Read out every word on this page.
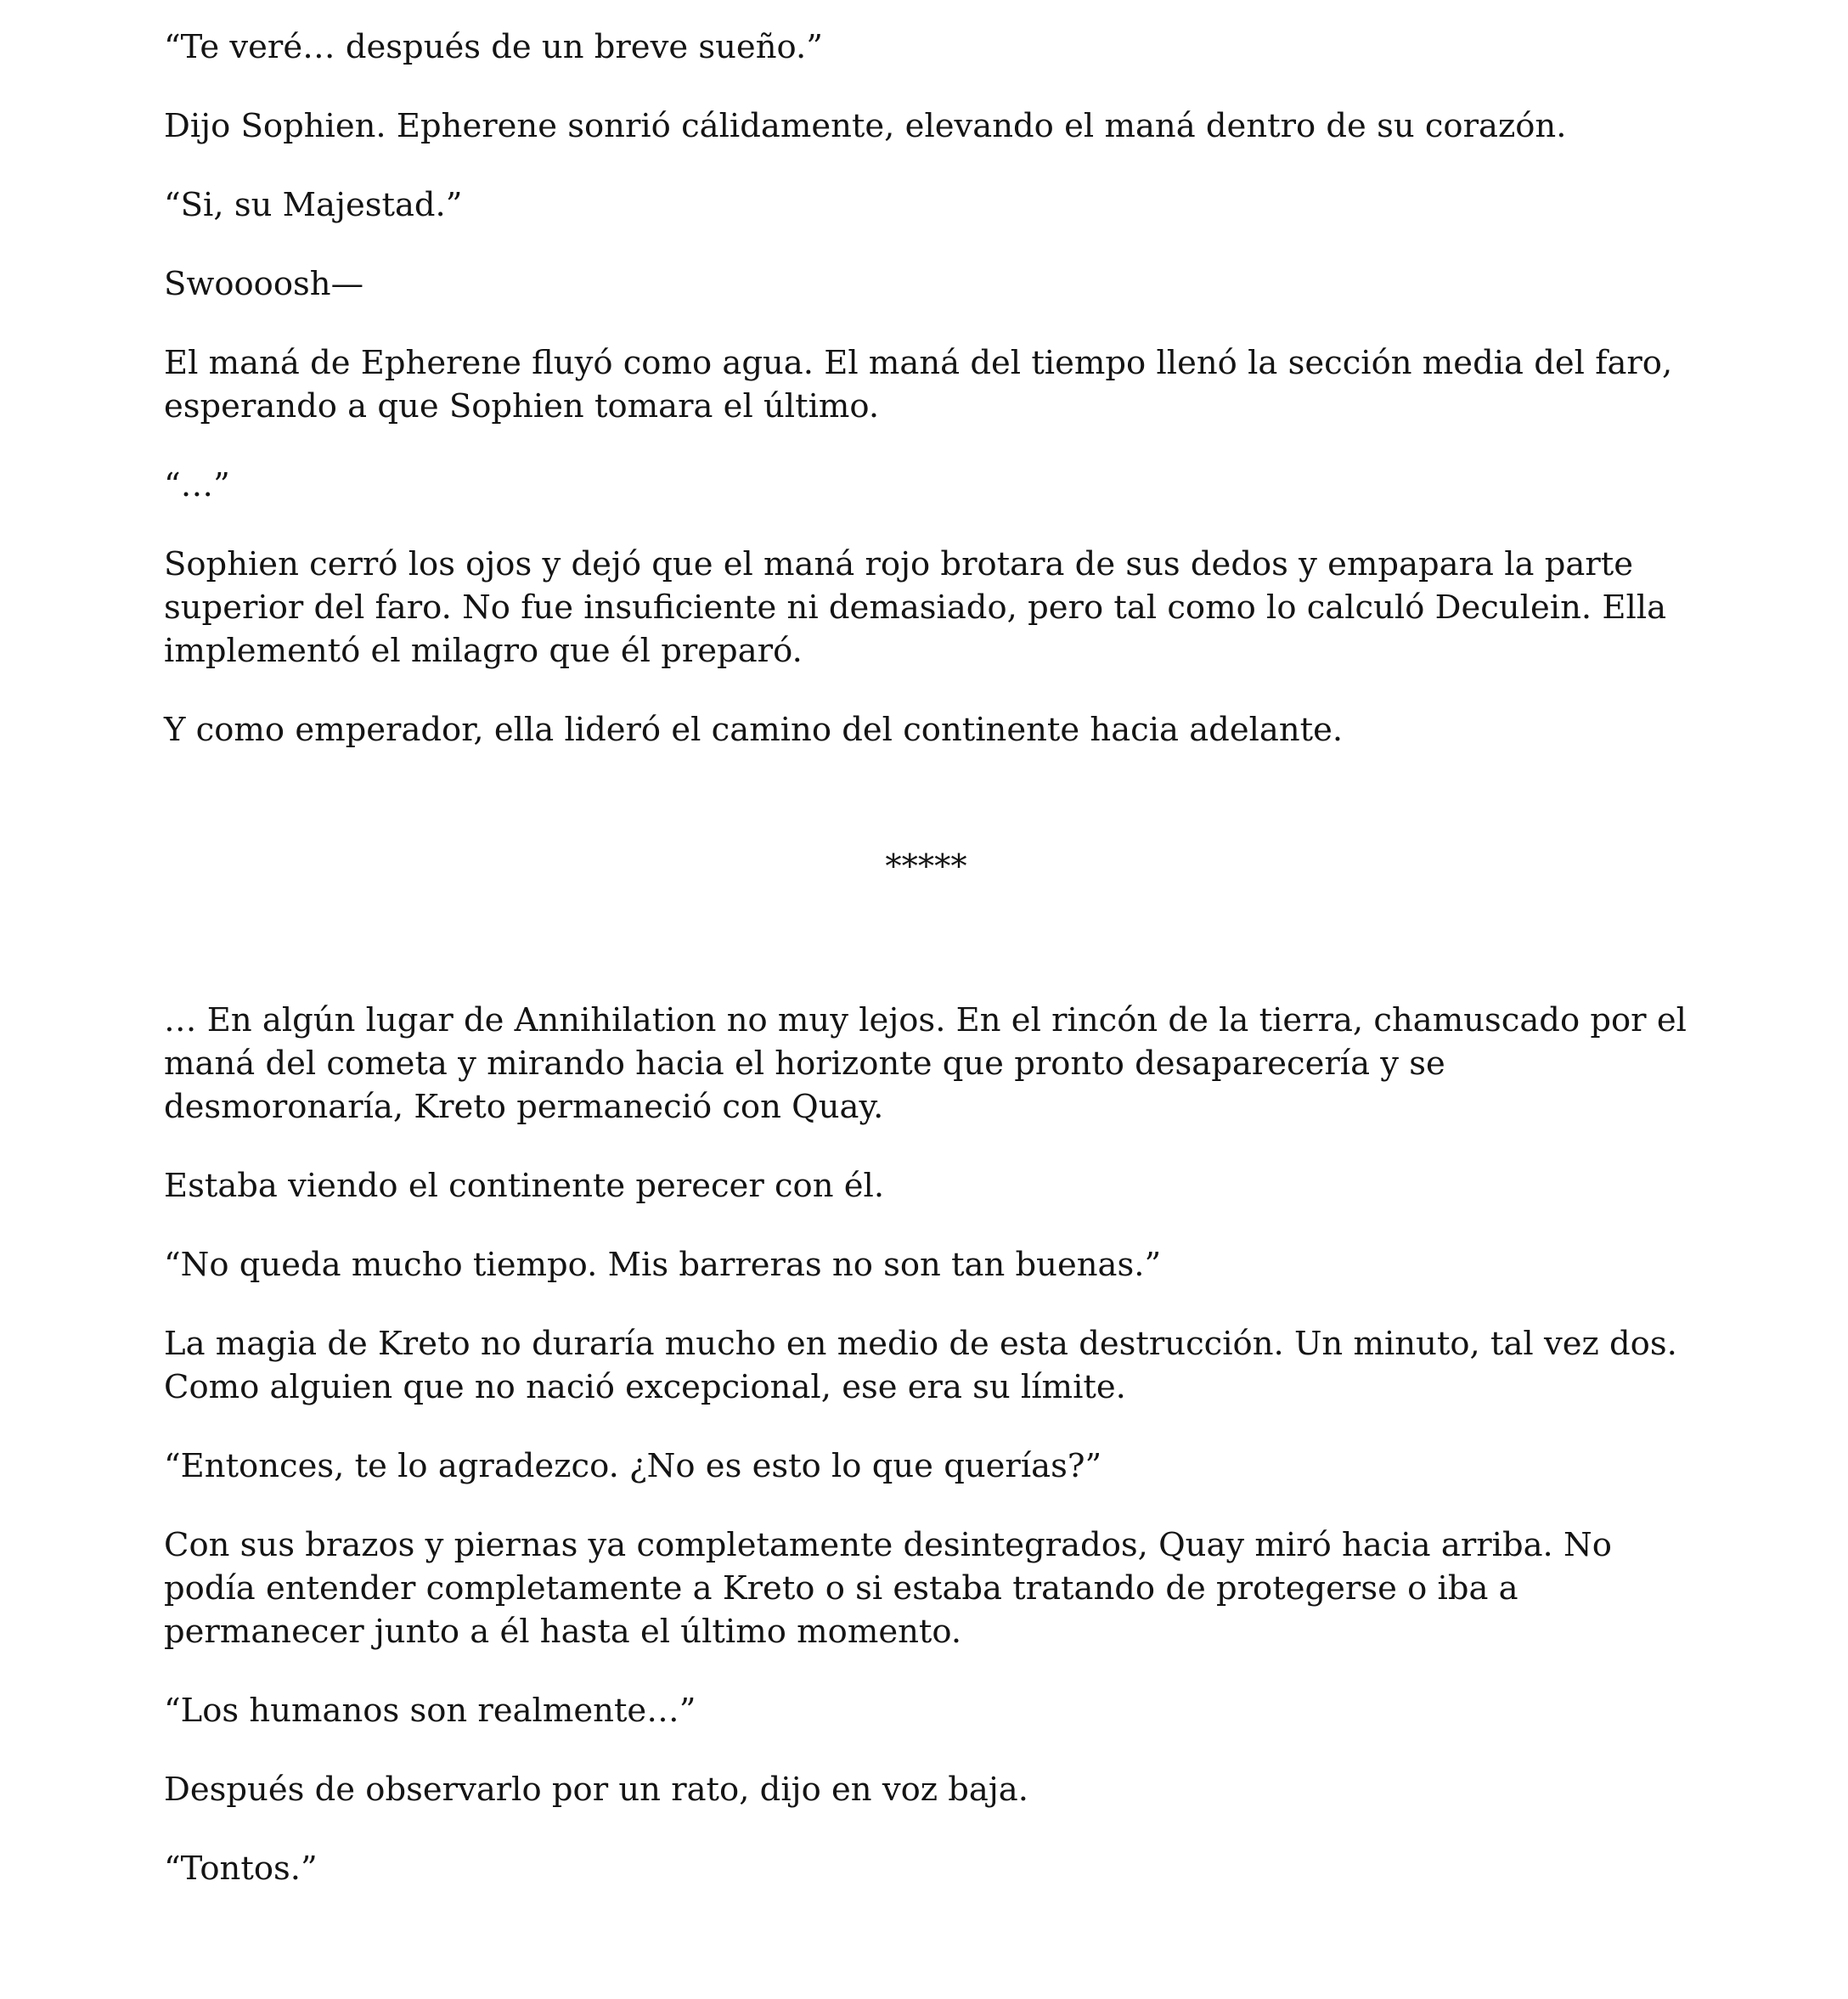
“Te veré… después de un breve sueño.”

Dijo Sophien. Epherene sonrió cálidamente, elevando el maná dentro de su corazón.

“Si, su Majestad.”

Swoooosh—

El maná de Epherene fluyó como agua. El maná del tiempo llenó la sección media del faro, esperando a que Sophien tomara el último.

“…”

Sophien cerró los ojos y dejó que el maná rojo brotara de sus dedos y empapara la parte superior del faro. No fue insuficiente ni demasiado, pero tal como lo calculó Deculein. Ella implementó el milagro que él preparó.

Y como emperador, ella lideró el camino del continente hacia adelante.

*****

… En algún lugar de Annihilation no muy lejos. En el rincón de la tierra, chamuscado por el maná del cometa y mirando hacia el horizonte que pronto desaparecería y se desmoronaría, Kreto permaneció con Quay.

Estaba viendo el continente perecer con él.

“No queda mucho tiempo. Mis barreras no son tan buenas.”

La magia de Kreto no duraría mucho en medio de esta destrucción. Un minuto, tal vez dos. Como alguien que no nació excepcional, ese era su límite.

“Entonces, te lo agradezco. ¿No es esto lo que querías?”

Con sus brazos y piernas ya completamente desintegrados, Quay miró hacia arriba. No podía entender completamente a Kreto o si estaba tratando de protegerse o iba a permanecer junto a él hasta el último momento.

“Los humanos son realmente…”

Después de observarlo por un rato, dijo en voz baja.

“Tontos.”
